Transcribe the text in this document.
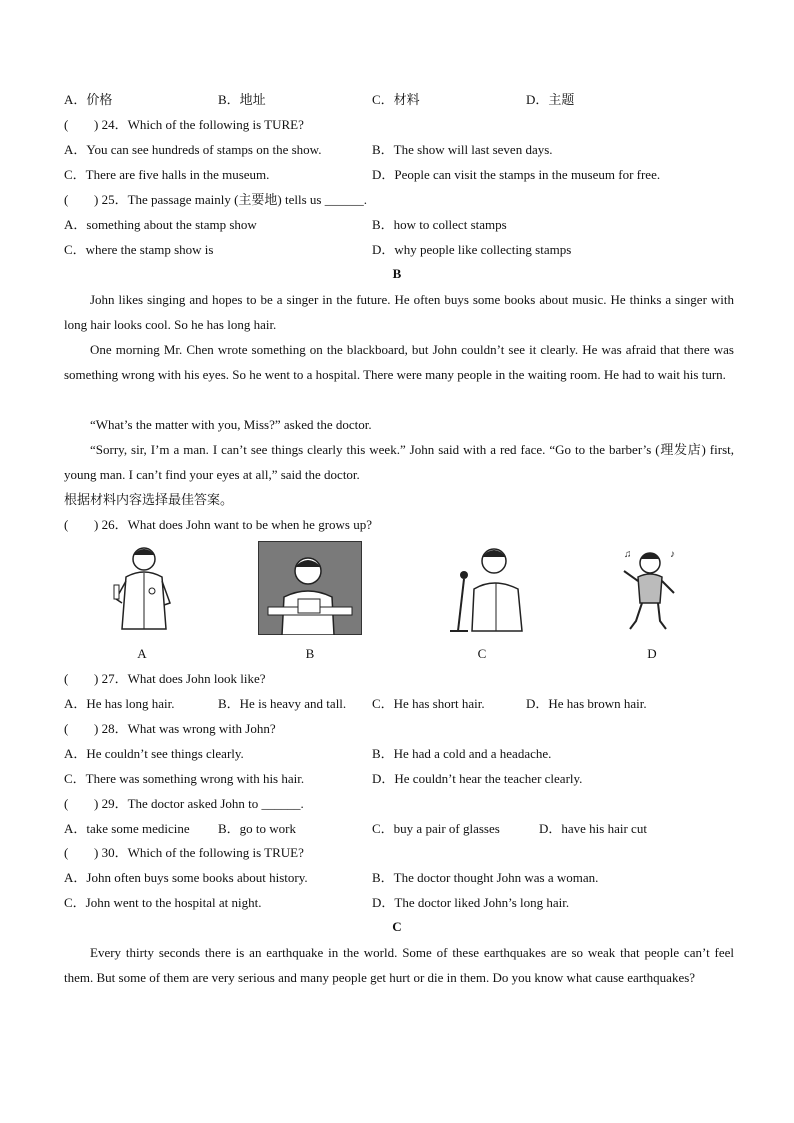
A．价格	B．地址	C．材料	D．主题
( ) 24．Which of the following is TURE?
A．You can see hundreds of stamps on the show.	B．The show will last seven days.
C．There are five halls in the museum.	D．People can visit the stamps in the museum for free.
( ) 25．The passage mainly (主要地) tells us ______.
A．something about the stamp show	B．how to collect stamps
C．where the stamp show is	D．why people like collecting stamps
B
John likes singing and hopes to be a singer in the future. He often buys some books about music. He thinks a singer with long hair looks cool. So he has long hair.
One morning Mr. Chen wrote something on the blackboard, but John couldn’t see it clearly. He was afraid that there was something wrong with his eyes. So he went to a hospital. There were many people in the waiting room. He had to wait his turn.
“What’s the matter with you, Miss?” asked the doctor.
“Sorry, sir, I’m a man. I can’t see things clearly this week.” John said with a red face. “Go to the barber’s (理发店) first, young man. I can’t find your eyes at all,” said the doctor.
根据材料内容选择最佳答案。
( ) 26．What does John want to be when he grows up?
♪
♫
A	B	C	D
( ) 27．What does John look like?
A．He has long hair.	B．He is heavy and tall. C．He has short hair.	D．He has brown hair.
( ) 28．What was wrong with John?
A．He couldn’t see things clearly.	B．He had a cold and a headache.
C．There was something wrong with his hair.	D．He couldn’t hear the teacher clearly.
( ) 29．The doctor asked John to ______.
A．take some medicine B．go to work	C．buy a pair of glasses	D．have his hair cut
( ) 30．Which of the following is TRUE?
A．John often buys some books about history.	B．The doctor thought John was a woman.
C．John went to the hospital at night.	D．The doctor liked John’s long hair.
C
Every thirty seconds there is an earthquake in the world. Some of these earthquakes are so weak that people can’t feel them. But some of them are very serious and many people get hurt or die in them. Do you know what cause earthquakes?
